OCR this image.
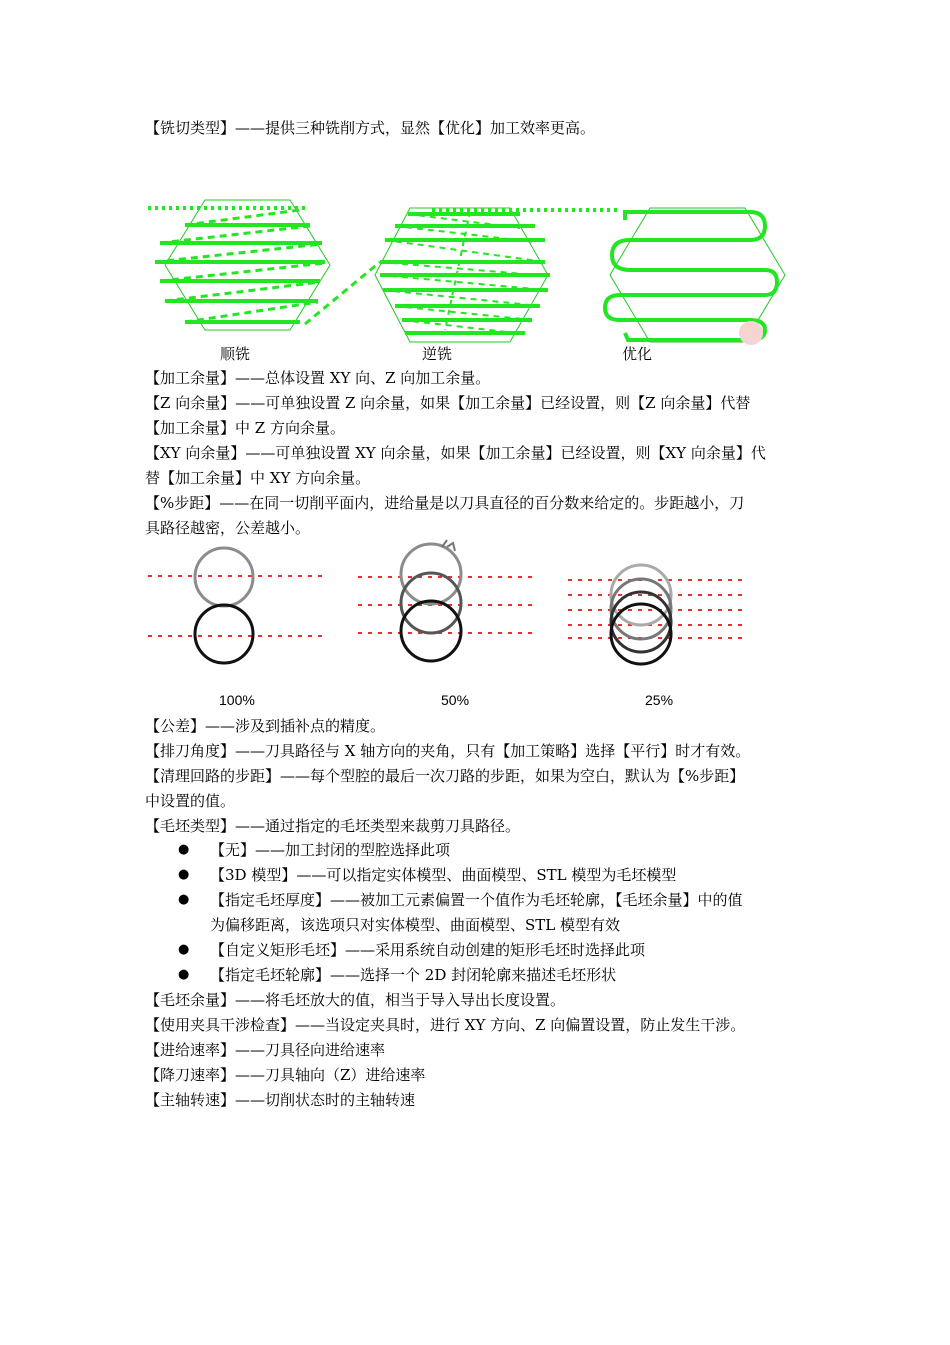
【铣切类型】——提供三种铣削方式，显然【优化】加工效率更高。
顺铣	逆铣	优化
【加工余量】——总体设置 XY 向、Z 向加工余量。
【Z 向余量】——可单独设置 Z 向余量，如果【加工余量】已经设置，则【Z 向余量】代替
【加工余量】中 Z 方向余量。
【XY 向余量】——可单独设置 XY 向余量，如果【加工余量】已经设置，则【XY 向余量】代
替【加工余量】中 XY 方向余量。
【%步距】——在同一切削平面内，进给量是以刀具直径的百分数来给定的。步距越小，刀
具路径越密，公差越小。
100%	50%	25%
【公差】——涉及到插补点的精度。
【排刀角度】——刀具路径与 X 轴方向的夹角，只有【加工策略】选择【平行】时才有效。
【清理回路的步距】——每个型腔的最后一次刀路的步距，如果为空白，默认为【%步距】
中设置的值。
【毛坯类型】——通过指定的毛坯类型来裁剪刀具路径。
● 【无】——加工封闭的型腔选择此项
● 【3D 模型】——可以指定实体模型、曲面模型、STL 模型为毛坯模型
● 【指定毛坯厚度】——被加工元素偏置一个值作为毛坯轮廓，【毛坯余量】中的值
为偏移距离，该选项只对实体模型、曲面模型、STL 模型有效
● 【自定义矩形毛坯】——采用系统自动创建的矩形毛坯时选择此项
● 【指定毛坯轮廓】——选择一个 2D 封闭轮廓来描述毛坯形状
【毛坯余量】——将毛坯放大的值，相当于导入导出长度设置。
【使用夹具干涉检查】——当设定夹具时，进行 XY 方向、Z 向偏置设置，防止发生干涉。
【进给速率】——刀具径向进给速率
【降刀速率】——刀具轴向（Z）进给速率
【主轴转速】——切削状态时的主轴转速
